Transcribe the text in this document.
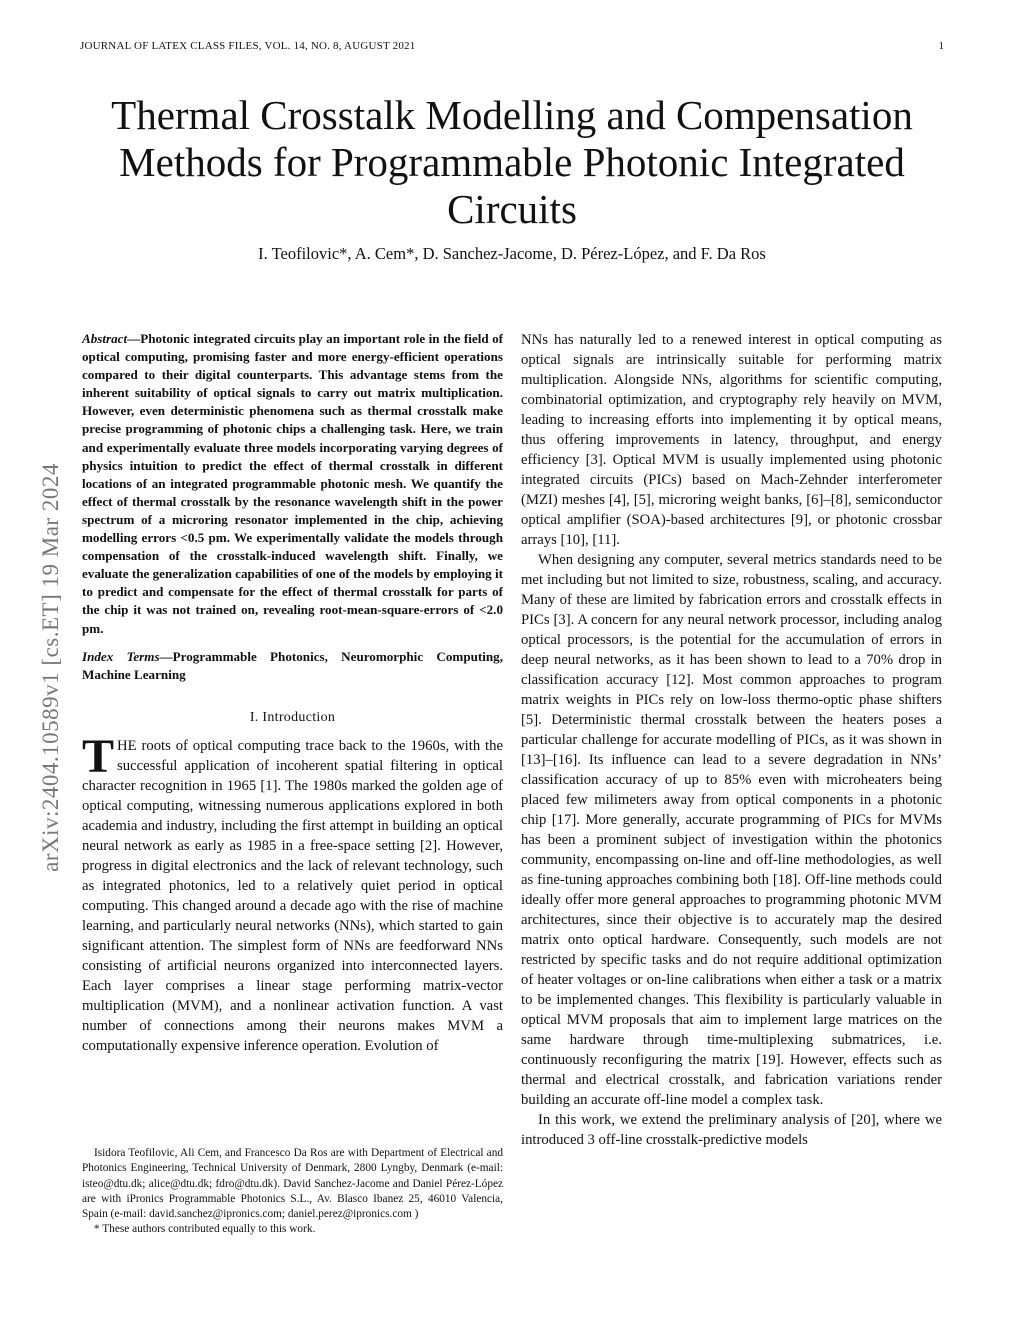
JOURNAL OF LATEX CLASS FILES, VOL. 14, NO. 8, AUGUST 2021	1
Thermal Crosstalk Modelling and Compensation Methods for Programmable Photonic Integrated Circuits
I. Teofilovic*, A. Cem*, D. Sanchez-Jacome, D. Pérez-López, and F. Da Ros
arXiv:2404.10589v1 [cs.ET] 19 Mar 2024

Abstract—Photonic integrated circuits play an important role in the field of optical computing, promising faster and more energy-efficient operations compared to their digital counterparts. This advantage stems from the inherent suitability of optical signals to carry out matrix multiplication. However, even deterministic phenomena such as thermal crosstalk make precise programming of photonic chips a challenging task. Here, we train and experimentally evaluate three models incorporating varying degrees of physics intuition to predict the effect of thermal crosstalk in different locations of an integrated programmable photonic mesh. We quantify the effect of thermal crosstalk by the resonance wavelength shift in the power spectrum of a microring resonator implemented in the chip, achieving modelling errors <0.5 pm. We experimentally validate the models through compensation of the crosstalk-induced wavelength shift. Finally, we evaluate the generalization capabilities of one of the models by employing it to predict and compensate for the effect of thermal crosstalk for parts of the chip it was not trained on, revealing root-mean-square-errors of <2.0 pm.

Index Terms—Programmable Photonics, Neuromorphic Computing, Machine Learning

I. Introduction

THE roots of optical computing trace back to the 1960s, with the successful application of incoherent spatial filtering in optical character recognition in 1965 [1]. The 1980s marked the golden age of optical computing, witnessing numerous applications explored in both academia and industry, including the first attempt in building an optical neural network as early as 1985 in a free-space setting [2]. However, progress in digital electronics and the lack of relevant technology, such as integrated photonics, led to a relatively quiet period in optical computing. This changed around a decade ago with the rise of machine learning, and particularly neural networks (NNs), which started to gain significant attention. The simplest form of NNs are feedforward NNs consisting of artificial neurons organized into interconnected layers. Each layer comprises a linear stage performing matrix-vector multiplication (MVM), and a nonlinear activation function. A vast number of connections among their neurons makes MVM a computationally expensive inference operation. Evolution of

Isidora Teofilovic, Ali Cem, and Francesco Da Ros are with Department of Electrical and Photonics Engineering, Technical University of Denmark, 2800 Lyngby, Denmark (e-mail: isteo@dtu.dk; alice@dtu.dk; fdro@dtu.dk). David Sanchez-Jacome and Daniel Pérez-López are with iPronics Programmable Photonics S.L., Av. Blasco Ibanez 25, 46010 Valencia, Spain (e-mail: david.sanchez@ipronics.com; daniel.perez@ipronics.com )

* These authors contributed equally to this work.

NNs has naturally led to a renewed interest in optical computing as optical signals are intrinsically suitable for performing matrix multiplication. Alongside NNs, algorithms for scientific computing, combinatorial optimization, and cryptography rely heavily on MVM, leading to increasing efforts into implementing it by optical means, thus offering improvements in latency, throughput, and energy efficiency [3]. Optical MVM is usually implemented using photonic integrated circuits (PICs) based on Mach-Zehnder interferometer (MZI) meshes [4], [5], microring weight banks, [6]–[8], semiconductor optical amplifier (SOA)-based architectures [9], or photonic crossbar arrays [10], [11].

When designing any computer, several metrics standards need to be met including but not limited to size, robustness, scaling, and accuracy. Many of these are limited by fabrication errors and crosstalk effects in PICs [3]. A concern for any neural network processor, including analog optical processors, is the potential for the accumulation of errors in deep neural networks, as it has been shown to lead to a 70% drop in classification accuracy [12]. Most common approaches to program matrix weights in PICs rely on low-loss thermo-optic phase shifters [5]. Deterministic thermal crosstalk between the heaters poses a particular challenge for accurate modelling of PICs, as it was shown in [13]–[16]. Its influence can lead to a severe degradation in NNs’ classification accuracy of up to 85% even with microheaters being placed few milimeters away from optical components in a photonic chip [17]. More generally, accurate programming of PICs for MVMs has been a prominent subject of investigation within the photonics community, encompassing on-line and off-line methodologies, as well as fine-tuning approaches combining both [18]. Off-line methods could ideally offer more general approaches to programming photonic MVM architectures, since their objective is to accurately map the desired matrix onto optical hardware. Consequently, such models are not restricted by specific tasks and do not require additional optimization of heater voltages or on-line calibrations when either a task or a matrix to be implemented changes. This flexibility is particularly valuable in optical MVM proposals that aim to implement large matrices on the same hardware through time-multiplexing submatrices, i.e. continuously reconfiguring the matrix [19]. However, effects such as thermal and electrical crosstalk, and fabrication variations render building an accurate off-line model a complex task.

In this work, we extend the preliminary analysis of [20], where we introduced 3 off-line crosstalk-predictive models
